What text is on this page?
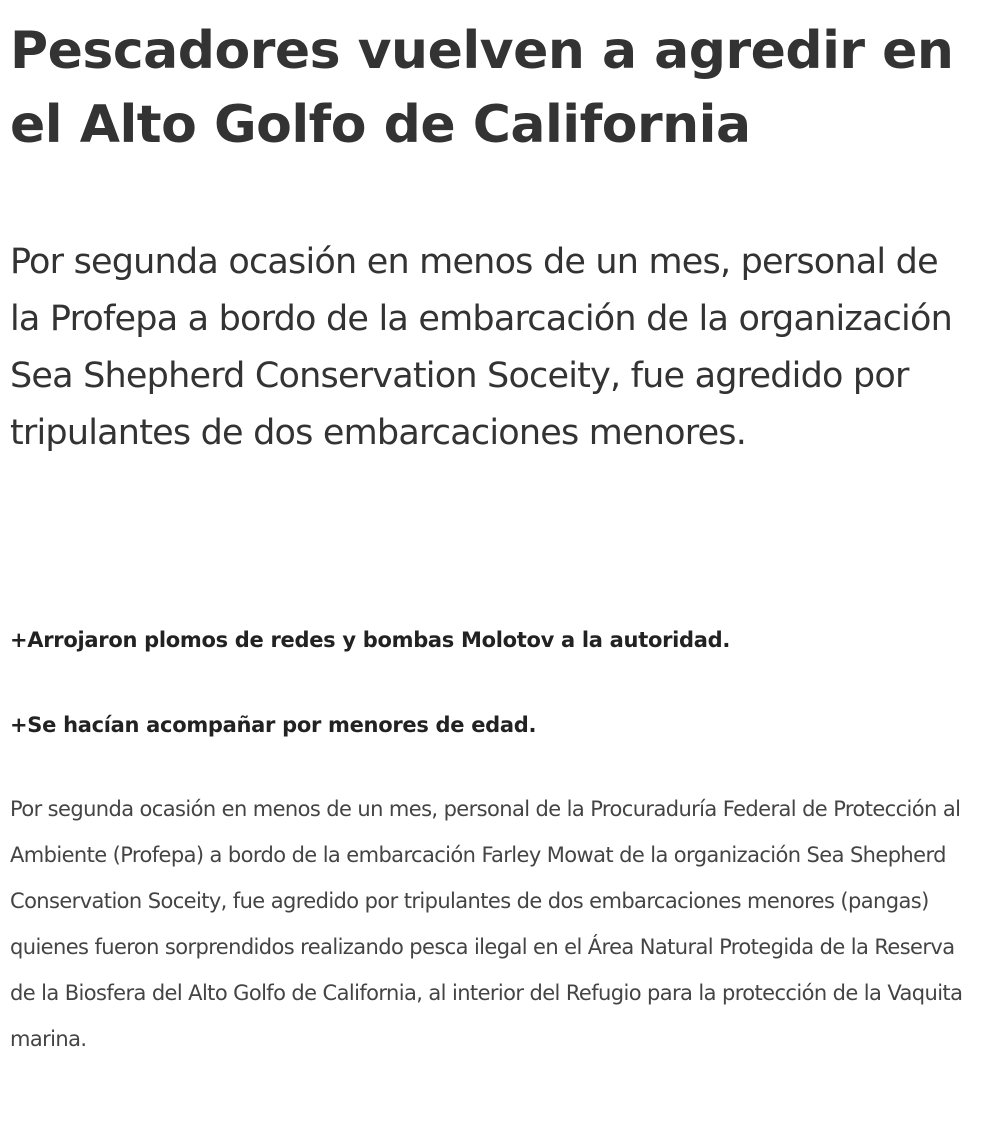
Pescadores vuelven a agredir en el Alto Golfo de California

Por segunda ocasión en menos de un mes, personal de la Profepa a bordo de la embarcación de la organización Sea Shepherd Conservation Soceity, fue agredido por tripulantes de dos embarcaciones menores.

+Arrojaron plomos de redes y bombas Molotov a la autoridad.

+Se hacían acompañar por menores de edad.

Por segunda ocasión en menos de un mes, personal de la Procuraduría Federal de Protección al Ambiente (Profepa) a bordo de la embarcación Farley Mowat de la organización Sea Shepherd Conservation Soceity, fue agredido por tripulantes de dos embarcaciones menores (pangas) quienes fueron sorprendidos realizando pesca ilegal en el Área Natural Protegida de la Reserva de la Biosfera del Alto Golfo de California, al interior del Refugio para la protección de la Vaquita marina.
